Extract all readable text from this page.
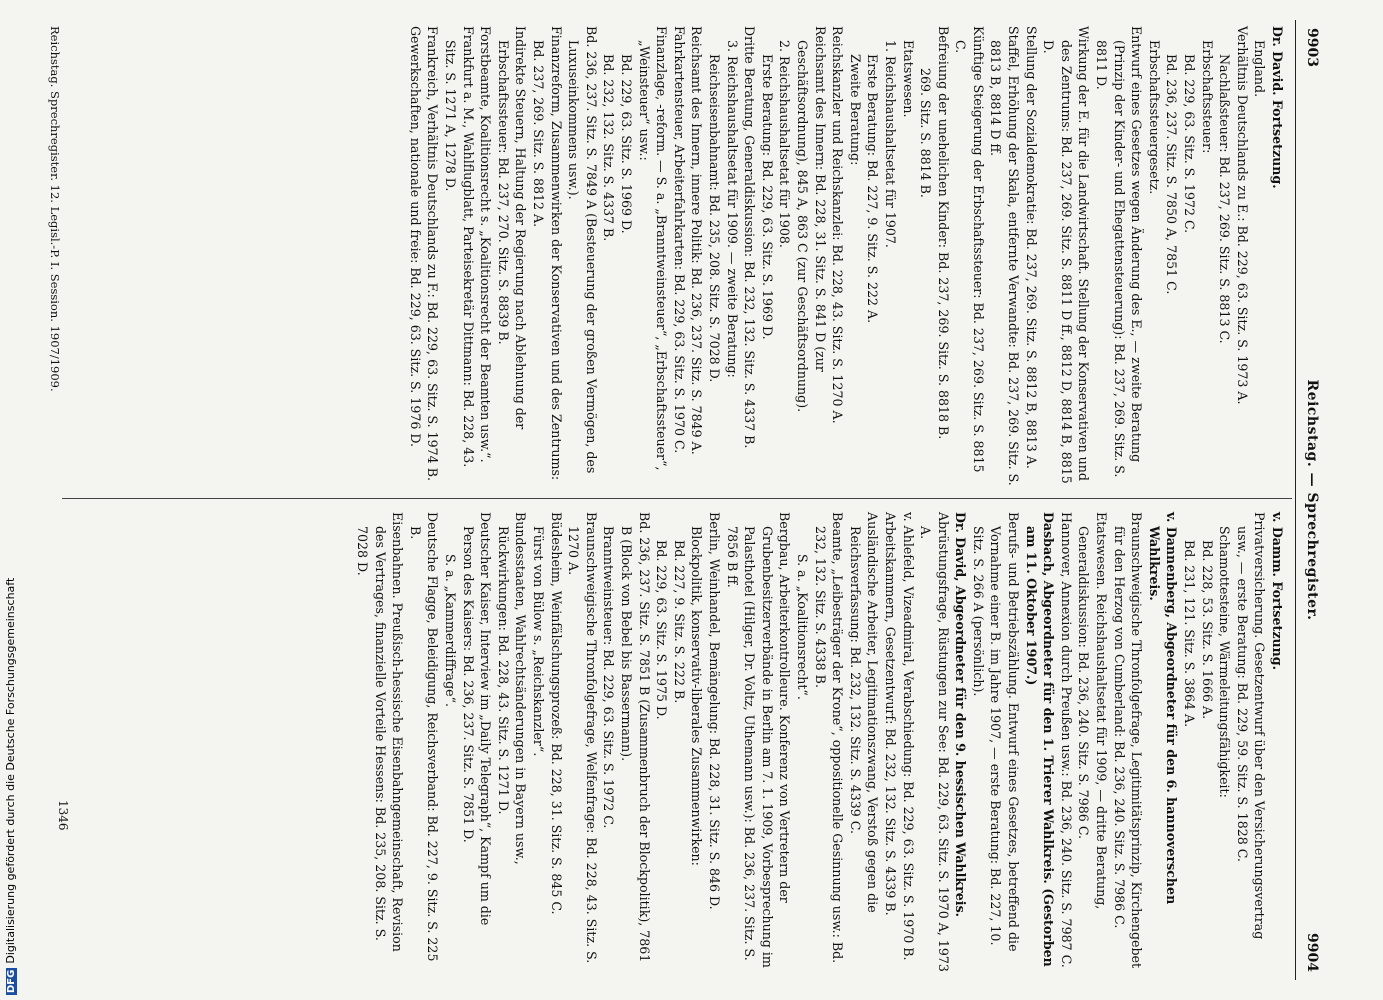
9903
Reichstag. — Sprechregister.
9904

Dr. David. Fortsetzung.

England.

Verhältnis Deutschlands zu E.: Bd. 229, 63. Sitz. S. 1973 A.

Nachlaßsteuer: Bd. 237, 269. Sitz. S. 8813 C.

Erbschaftssteuer:

Bd. 229, 63. Sitz. S. 1972 C.

Bd. 236, 237. Sitz. S. 7850 A, 7851 C.

Erbschaftssteuergesetz.

Entwurf eines Gesetzes wegen Änderung des E., — zweite Beratung (Prinzip der Kinder- und Ehegattensteuerung): Bd. 237, 269. Sitz. S. 8811 D.

Wirkung der E. für die Landwirtschaft. Stellung der Konservativen und des Zentrums: Bd. 237, 269. Sitz. S. 8811 D ff., 8812 D, 8814 B, 8815 D.

Stellung der Sozialdemokratie: Bd. 237, 269. Sitz. S. 8812 B, 8813 A.

Staffel, Erhöhung der Skala, entfernte Verwandte: Bd. 237, 269. Sitz. S. 8813 B, 8814 D ff.

Künftige Steigerung der Erbschaftssteuer: Bd. 237, 269. Sitz. S. 8815 C.

Befreiung der unehelichen Kinder: Bd. 237, 269. Sitz. S. 8818 B.

269. Sitz. S. 8814 B.

Etatswesen.

1. Reichshaushaltsetat für 1907.

Erste Beratung: Bd. 227, 9. Sitz. S. 222 A.

Zweite Beratung:

Reichskanzler und Reichskanzlei: Bd. 228, 43. Sitz. S. 1270 A.

Reichsamt des Innern: Bd. 228, 31. Sitz. S. 841 D (zur Geschäftsordnung), 845 A, 863 C (zur Geschäftsordnung).

2. Reichshaushaltsetat für 1908.

Erste Beratung: Bd. 229, 63. Sitz. S. 1969 D.

Dritte Beratung, Generaldiskussion: Bd. 232, 132. Sitz. S. 4337 B.

3. Reichshaushaltsetat für 1909. — zweite Beratung:

Reichseisenbahnamt: Bd. 235, 208. Sitz. S. 7028 D.

Reichsamt des Innern, innere Politik: Bd. 236, 237. Sitz. S. 7849 A.

Fahrkartensteuer, Arbeiterfahrkarten: Bd. 229, 63. Sitz. S. 1970 C.

Finanzlage, -reform. — S. a. „Branntweinsteuer“, „Erbschaftssteuer“, „Weinsteuer“ usw.:

Bd. 229, 63. Sitz. S. 1969 D.

Bd. 232, 132. Sitz. S. 4337 B.

Bd. 236, 237. Sitz. S. 7849 A (Besteuerung der großen Vermögen, des Luxuseinkommens usw.).

Finanzreform, Zusammenwirken der Konservativen und des Zentrums: Bd. 237, 269. Sitz. S. 8812 A.

Indirekte Steuern, Haltung der Regierung nach Ablehnung der Erbschaftssteuer: Bd. 237, 270. Sitz. S. 8839 B.

Forstbeamte, Koalitionsrecht s. „Koalitionsrecht der Beamten usw.“.

Frankfurt a. M., Wahlflugblatt, Parteisekretär Dittmann: Bd. 228, 43. Sitz. S. 1271 A, 1278 D.

Frankreich, Verhältnis Deutschlands zu F.: Bd. 229, 63. Sitz. S. 1974 B.

Gewerkschaften, nationale und freie: Bd. 229, 63. Sitz. S. 1976 D.

v. Damm. Fortsetzung.

Privatversicherung. Gesetzentwurf über den Versicherungsvertrag usw., — erste Beratung: Bd. 229, 59. Sitz. S. 1828 C.

Schamottesteine, Wärmeleitungsfähigkeit:

Bd. 228, 53. Sitz. S. 1666 A.

Bd. 231, 121. Sitz. S. 3864 A.

v. Dannenberg, Abgeordneter für den 6. hannoverschen Wahlkreis.

Braunschweigische Thronfolgefrage, Legitimitätsprinzip, Kirchengebet für den Herzog von Cumberland: Bd. 236, 240. Sitz. S. 7986 C.

Etatswesen. Reichshaushaltsetat für 1909, — dritte Beratung, Generaldiskussion: Bd. 236, 240. Sitz. S. 7986 C.

Hannover, Annexion durch Preußen usw.: Bd. 236, 240. Sitz. S. 7987 C.

Dasbach, Abgeordneter für den 1. Trierer Wahlkreis. (Gestorben am 11. Oktober 1907.)

Berufs- und Betriebszählung. Entwurf eines Gesetzes, betreffend die Vornahme einer B. im Jahre 1907, — erste Beratung: Bd. 227, 10. Sitz. S. 266 A (persönlich).

Dr. David, Abgeordneter für den 9. hessischen Wahlkreis.

Abrüstungsfrage, Rüstungen zur See: Bd. 229, 63. Sitz. S. 1970 A, 1973 A.

v. Ahlefeld, Vizeadmiral, Verabschiedung: Bd. 229, 63. Sitz. S. 1970 B.

Arbeitskammern, Gesetzentwurf: Bd. 232, 132. Sitz. S. 4339 B.

Ausländische Arbeiter, Legitimationszwang, Verstoß gegen die Reichsverfassung: Bd. 232, 132. Sitz. S. 4339 C.

Beamte, „Leibesträger der Krone“, oppositionelle Gesinnung usw.: Bd. 232, 132. Sitz. S. 4338 B.

S. a. „Koalitionsrecht“.

Bergbau, Arbeiterkontrolleure. Konferenz von Vertretern der Grubenbesitzerverbände in Berlin am 7. 1. 1909, Vorbesprechung im Palasthotel (Hilger, Dr. Voltz, Uthemann usw.): Bd. 236, 237. Sitz. S. 7856 B ff.

Berlin, Weinhandel, Bemängelung: Bd. 228, 31. Sitz. S. 846 D.

Blockpolitik, konservativ-liberales Zusammenwirken:

Bd. 227, 9. Sitz. S. 222 B.

Bd. 229, 63. Sitz. S. 1975 D.

Bd. 236, 237. Sitz. S. 7851 B (Zusammenbruch der Blockpolitik), 7861 B (Block von Bebel bis Bassermann).

Branntweinsteuer: Bd. 229, 63. Sitz. S. 1972 C.

Braunschweigische Thronfolgefrage, Welfenfrage: Bd. 228, 43. Sitz. S. 1270 A.

Büdesheim, Weinfälschungsprozeß: Bd. 228, 31. Sitz. S. 845 C.

Fürst von Bülow s. „Reichskanzler“.

Bundesstaaten, Wahlrechtsänderungen in Bayern usw., Rückwirkungen: Bd. 228, 43. Sitz. S. 1271 D.

Deutscher Kaiser, Interview im „Daily Telegraph“, Kampf um die Person des Kaisers: Bd. 236, 237. Sitz. S. 7851 D.

S. a. „Kammerdiffrage“.

Deutsche Flagge, Beleidigung, Reichsverband: Bd. 227, 9. Sitz. S. 225 B.

Eisenbahnen. Preußisch-hessische Eisenbahngemeinschaft, Revision des Vertrages, finanzielle Vorteile Hessens: Bd. 235, 208. Sitz. S. 7028 D.

Reichstag. Sprechregister. 12. Legisl.-P. I. Session. 1907/1909.
1346
DFGDigitalisierung gefördert durch die Deutsche Forschungsgemeinschaft
